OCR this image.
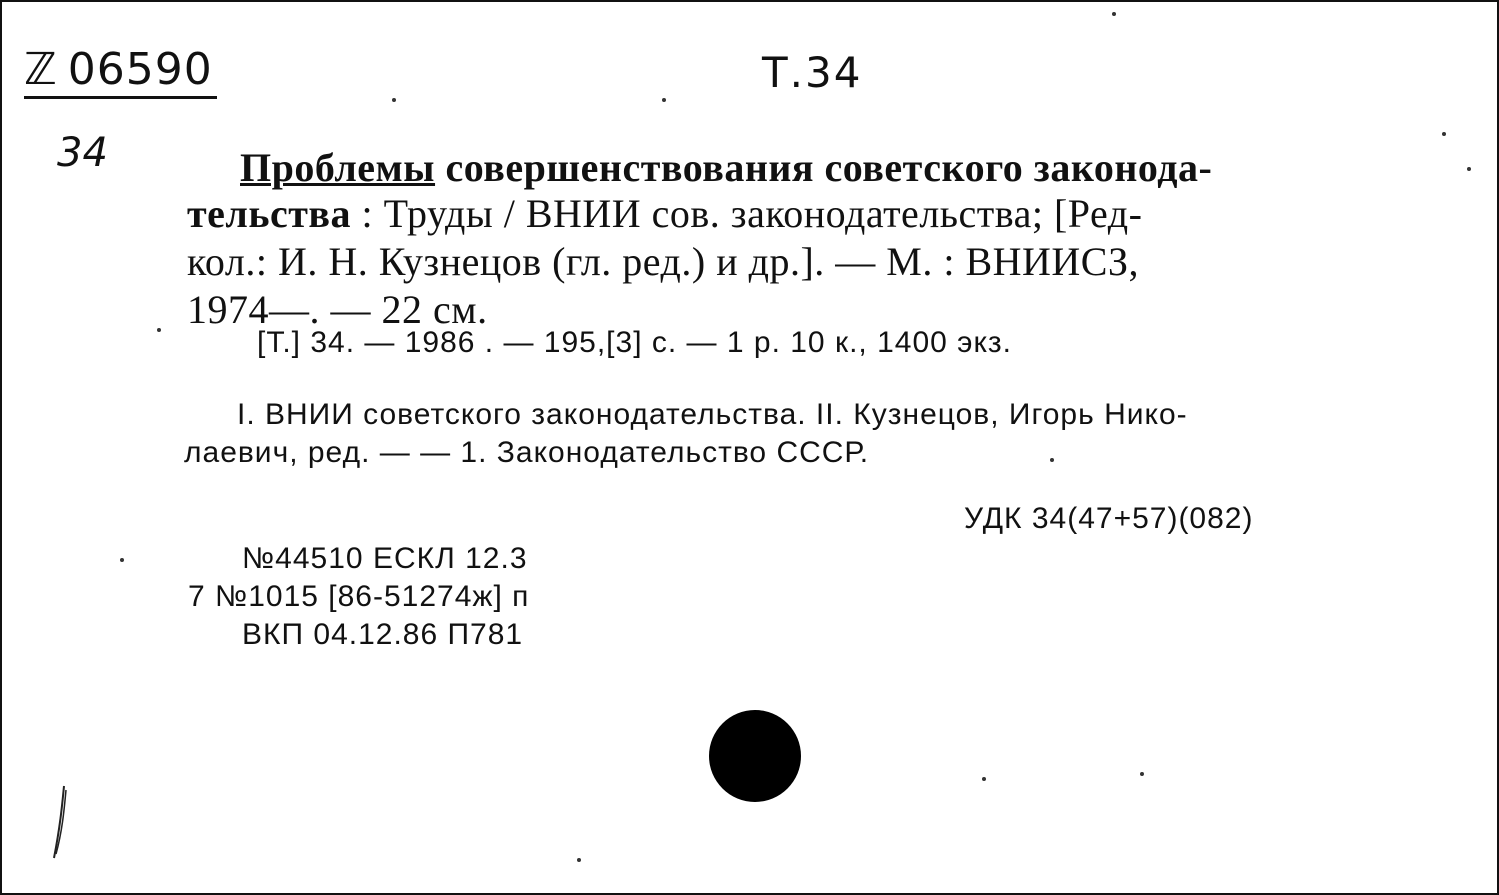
ℤ 06590	Т.34
34	Проблемы совершенствования советского законода-
тельства : Труды / ВНИИ сов. законодательства; [Ред-
кол.: И. Н. Кузнецов (гл. ред.) и др.]. — М. : ВНИИСЗ,
1974—. — 22 см.
[Т.] 34. — 1986 . — 195,[3] с. — 1 р. 10 к., 1400 экз.
I. ВНИИ советского законодательства. II. Кузнецов, Игорь Нико-
лаевич, ред. — — 1. Законодательство СССР.
УДК 34(47+57)(082)
№44510 ЕСКЛ 12.3
7 №1015 [86-51274ж] п
ВКП 04.12.86 П781
